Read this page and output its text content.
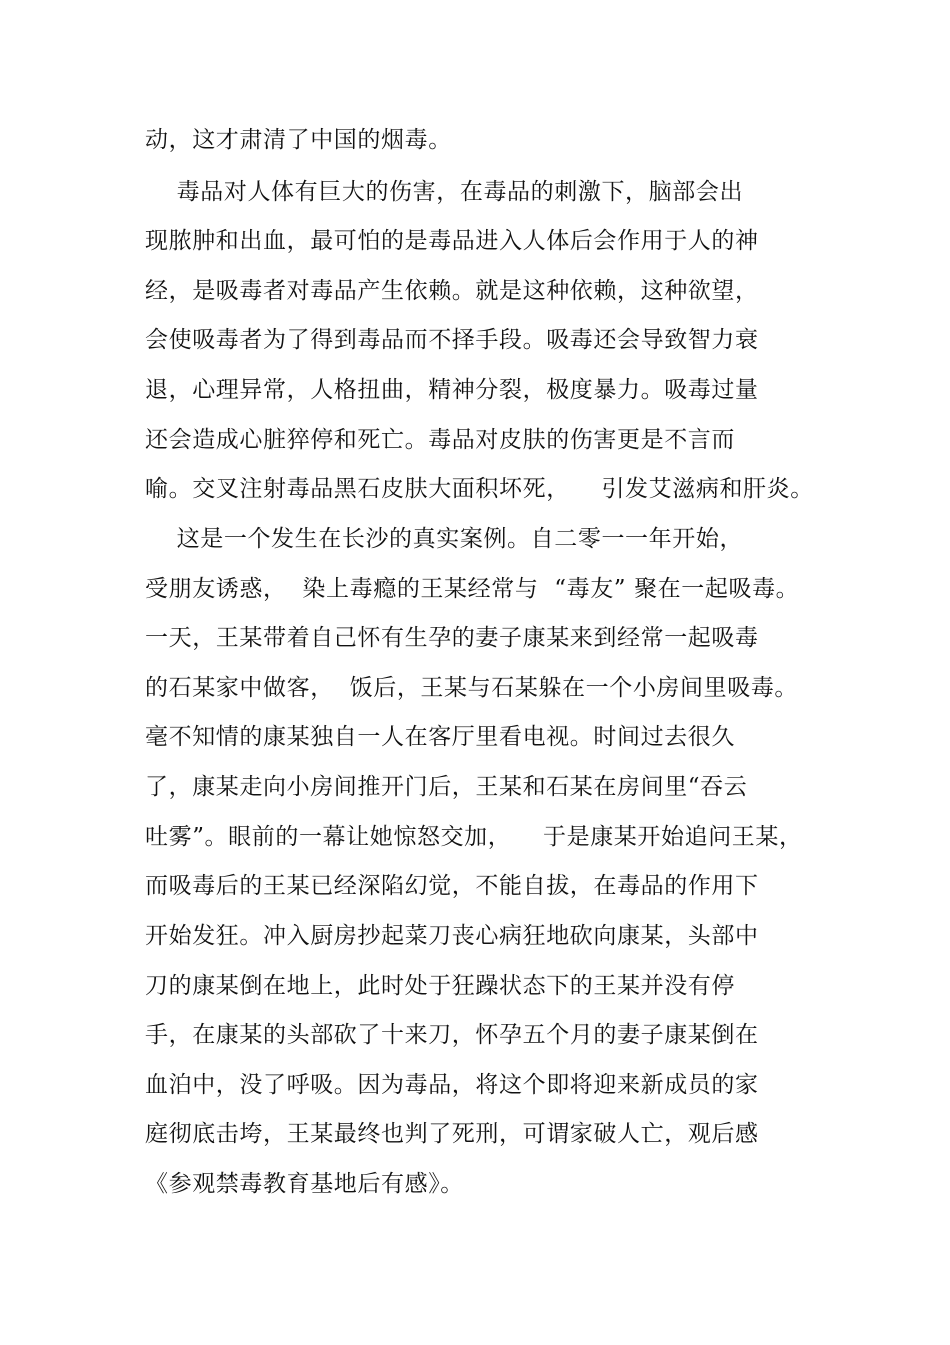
动，这才肃清了中国的烟毒。
毒品对人体有巨大的伤害，在毒品的刺激下，脑部会出
现脓肿和出血，最可怕的是毒品进入人体后会作用于人的神
经，是吸毒者对毒品产生依赖。就是这种依赖，这种欲望，
会使吸毒者为了得到毒品而不择手段。吸毒还会导致智力衰
退，心理异常，人格扭曲，精神分裂，极度暴力。吸毒过量
还会造成心脏猝停和死亡。毒品对皮肤的伤害更是不言而
喻。交叉注射毒品黑石皮肤大面积坏死，    引发艾滋病和肝炎。
这是一个发生在长沙的真实案例。自二零一一年开始，
受朋友诱惑，  染上毒瘾的王某经常与  “毒友” 聚在一起吸毒。
一天，王某带着自己怀有生孕的妻子康某来到经常一起吸毒
的石某家中做客，  饭后，王某与石某躲在一个小房间里吸毒。
毫不知情的康某独自一人在客厅里看电视。时间过去很久
了，康某走向小房间推开门后，王某和石某在房间里“吞云
吐雾”。眼前的一幕让她惊怒交加，    于是康某开始追问王某，
而吸毒后的王某已经深陷幻觉，不能自拔，在毒品的作用下
开始发狂。冲入厨房抄起菜刀丧心病狂地砍向康某，头部中
刀的康某倒在地上，此时处于狂躁状态下的王某并没有停
手，在康某的头部砍了十来刀，怀孕五个月的妻子康某倒在
血泊中，没了呼吸。因为毒品，将这个即将迎来新成员的家
庭彻底击垮，王某最终也判了死刑，可谓家破人亡，观后感
《参观禁毒教育基地后有感》。
